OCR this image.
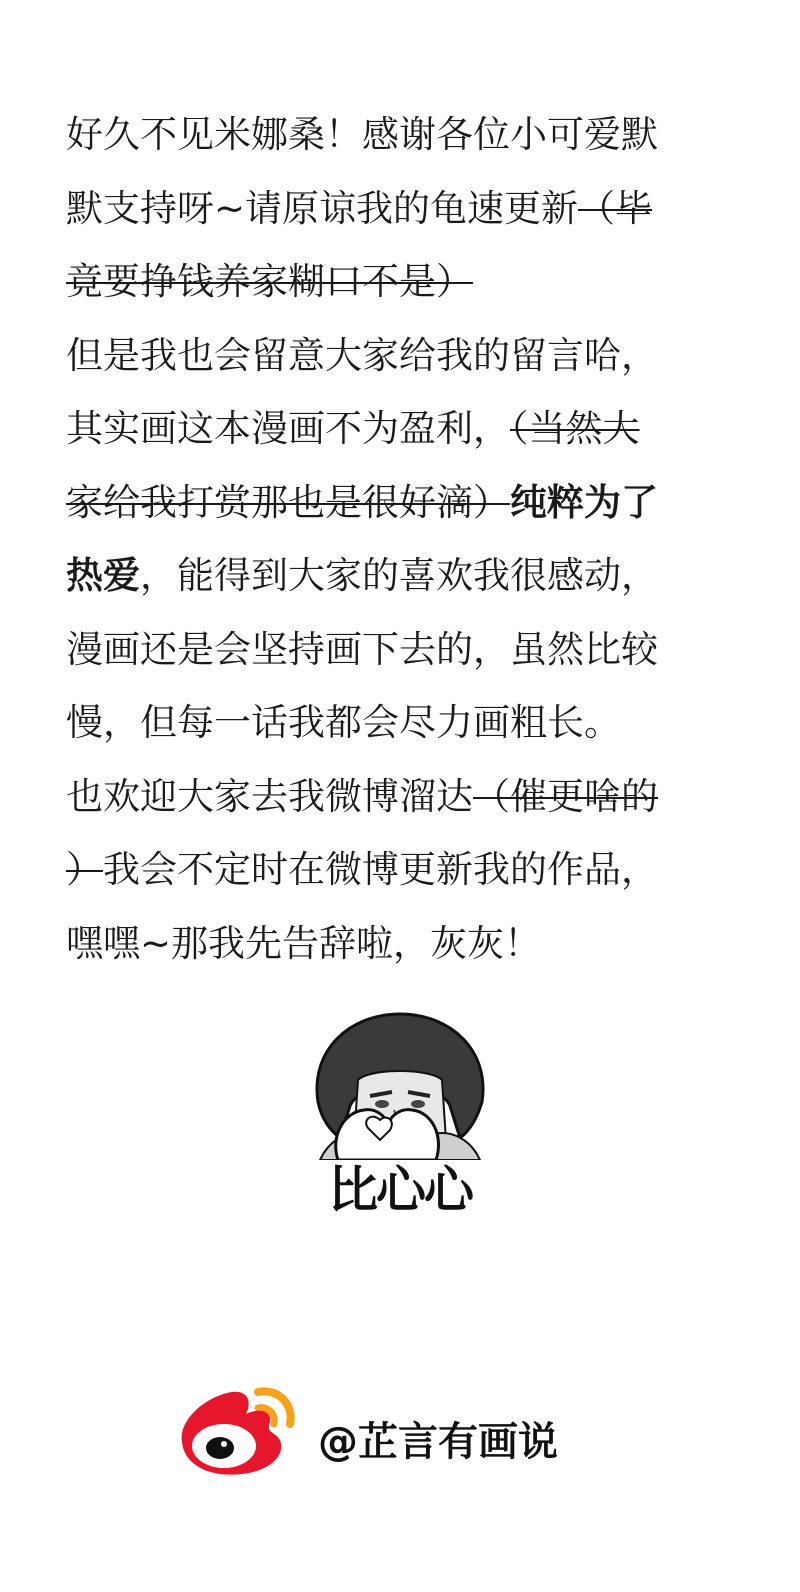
好久不见米娜桑！感谢各位小可爱默
默支持呀~请原谅我的龟速更新（毕
竟要挣钱养家糊口不是）
但是我也会留意大家给我的留言哈，
其实画这本漫画不为盈利，（当然大
家给我打赏那也是很好滴）纯粹为了
热爱，能得到大家的喜欢我很感动，
漫画还是会坚持画下去的，虽然比较
慢，但每一话我都会尽力画粗长。
也欢迎大家去我微博溜达（催更啥的
）我会不定时在微博更新我的作品，
嘿嘿~那我先告辞啦，灰灰！
比心心
@芷言有画说
